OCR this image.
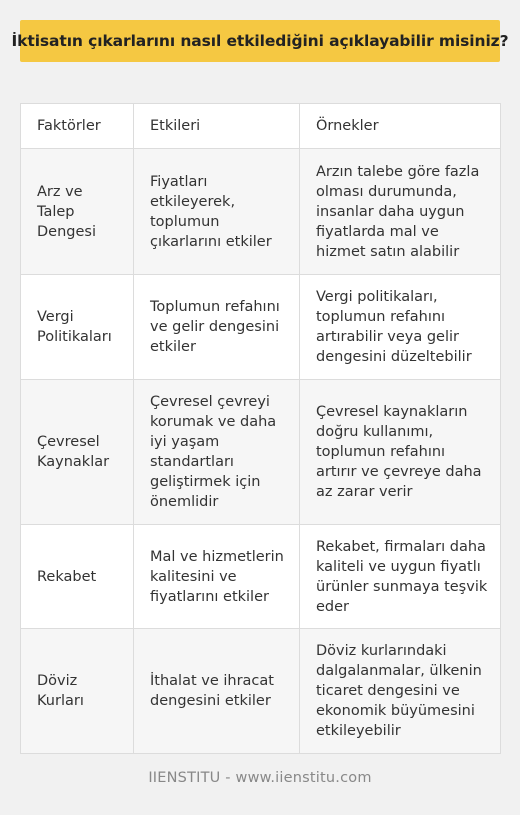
İktisatın çıkarlarını nasıl etkilediğini açıklayabilir misiniz?
Faktörler	Etkileri	Örnekler
Arz ve Talep Dengesi	Fiyatları etkileyerek, toplumun çıkarlarını etkiler	Arzın talebe göre fazla olması durumunda, insanlar daha uygun fiyatlarda mal ve hizmet satın alabilir
Vergi Politikaları	Toplumun refahını ve gelir dengesini etkiler	Vergi politikaları, toplumun refahını artırabilir veya gelir dengesini düzeltebilir
Çevresel Kaynaklar	Çevresel çevreyi korumak ve daha iyi yaşam standartları geliştirmek için önemlidir	Çevresel kaynakların doğru kullanımı, toplumun refahını artırır ve çevreye daha az zarar verir
Rekabet	Mal ve hizmetlerin kalitesini ve fiyatlarını etkiler	Rekabet, firmaları daha kaliteli ve uygun fiyatlı ürünler sunmaya teşvik eder
Döviz Kurları	İthalat ve ihracat dengesini etkiler	Döviz kurlarındaki dalgalanmalar, ülkenin ticaret dengesini ve ekonomik büyümesini etkileyebilir
IIENSTITU - www.iienstitu.com
